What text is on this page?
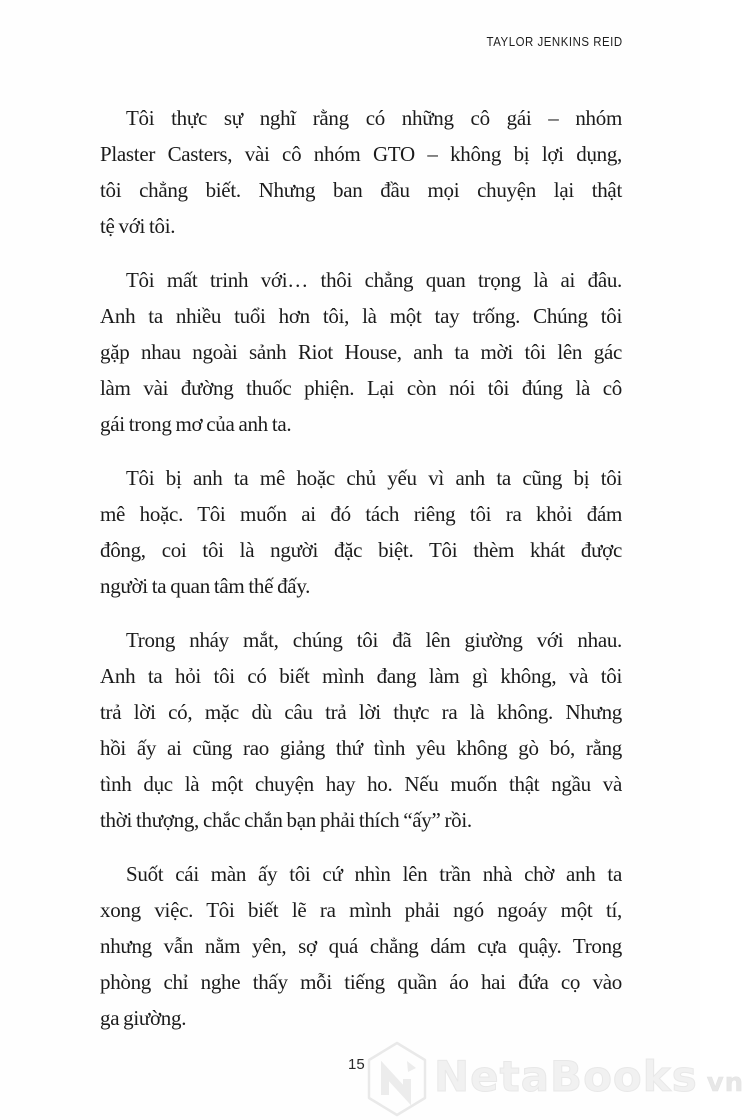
TAYLOR JENKINS REID
Tôi thực sự nghĩ rằng có những cô gái – nhóm
Plaster Casters, vài cô nhóm GTO – không bị lợi dụng,
tôi chẳng biết. Nhưng ban đầu mọi chuyện lại thật
tệ với tôi.
Tôi mất trinh với… thôi chẳng quan trọng là ai đâu.
Anh ta nhiều tuổi hơn tôi, là một tay trống. Chúng tôi
gặp nhau ngoài sảnh Riot House, anh ta mời tôi lên gác
làm vài đường thuốc phiện. Lại còn nói tôi đúng là cô
gái trong mơ của anh ta.
Tôi bị anh ta mê hoặc chủ yếu vì anh ta cũng bị tôi
mê hoặc. Tôi muốn ai đó tách riêng tôi ra khỏi đám
đông, coi tôi là người đặc biệt. Tôi thèm khát được
người ta quan tâm thế đấy.
Trong nháy mắt, chúng tôi đã lên giường với nhau.
Anh ta hỏi tôi có biết mình đang làm gì không, và tôi
trả lời có, mặc dù câu trả lời thực ra là không. Nhưng
hồi ấy ai cũng rao giảng thứ tình yêu không gò bó, rằng
tình dục là một chuyện hay ho. Nếu muốn thật ngầu và
thời thượng, chắc chắn bạn phải thích “ấy” rồi.
Suốt cái màn ấy tôi cứ nhìn lên trần nhà chờ anh ta
xong việc. Tôi biết lẽ ra mình phải ngó ngoáy một tí,
nhưng vẫn nằm yên, sợ quá chẳng dám cựa quậy. Trong
phòng chỉ nghe thấy mỗi tiếng quần áo hai đứa cọ vào
ga giường.
15 NetaBooks vn
